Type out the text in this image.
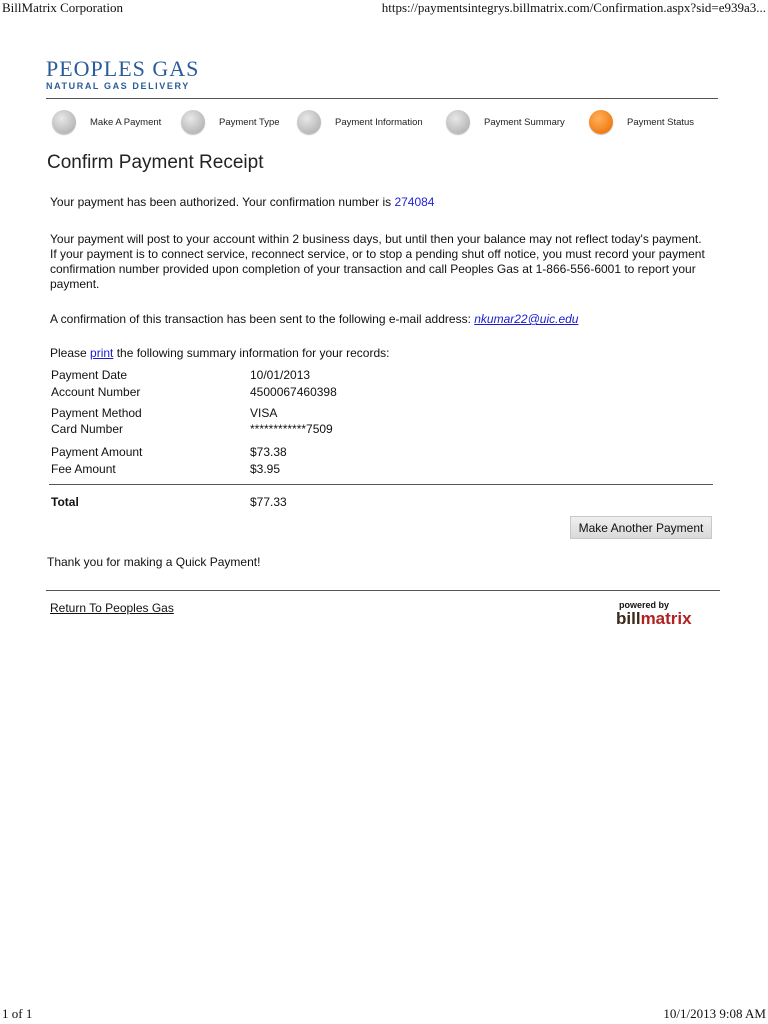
BillMatrix Corporation	https://paymentsintegrys.billmatrix.com/Confirmation.aspx?sid=e939a3...
PEOPLES GAS
NATURAL GAS DELIVERY
Make A Payment	Payment Type	Payment Information	Payment Summary	Payment Status
Confirm Payment Receipt
Your payment has been authorized. Your confirmation number is 274084
Your payment will post to your account within 2 business days, but until then your balance may not reflect today's payment. If your payment is to connect service, reconnect service, or to stop a pending shut off notice, you must record your payment confirmation number provided upon completion of your transaction and call Peoples Gas at 1-866-556-6001 to report your payment.
A confirmation of this transaction has been sent to the following e-mail address: nkumar22@uic.edu
Please print the following summary information for your records:
Payment Date	10/01/2013
Account Number	4500067460398
Payment Method	VISA
Card Number	************7509
Payment Amount	$73.38
Fee Amount	$3.95
Total	$77.33
Make Another Payment
Thank you for making a Quick Payment!
Return To Peoples Gas	powered by
billmatrix
1 of 1	10/1/2013 9:08 AM
